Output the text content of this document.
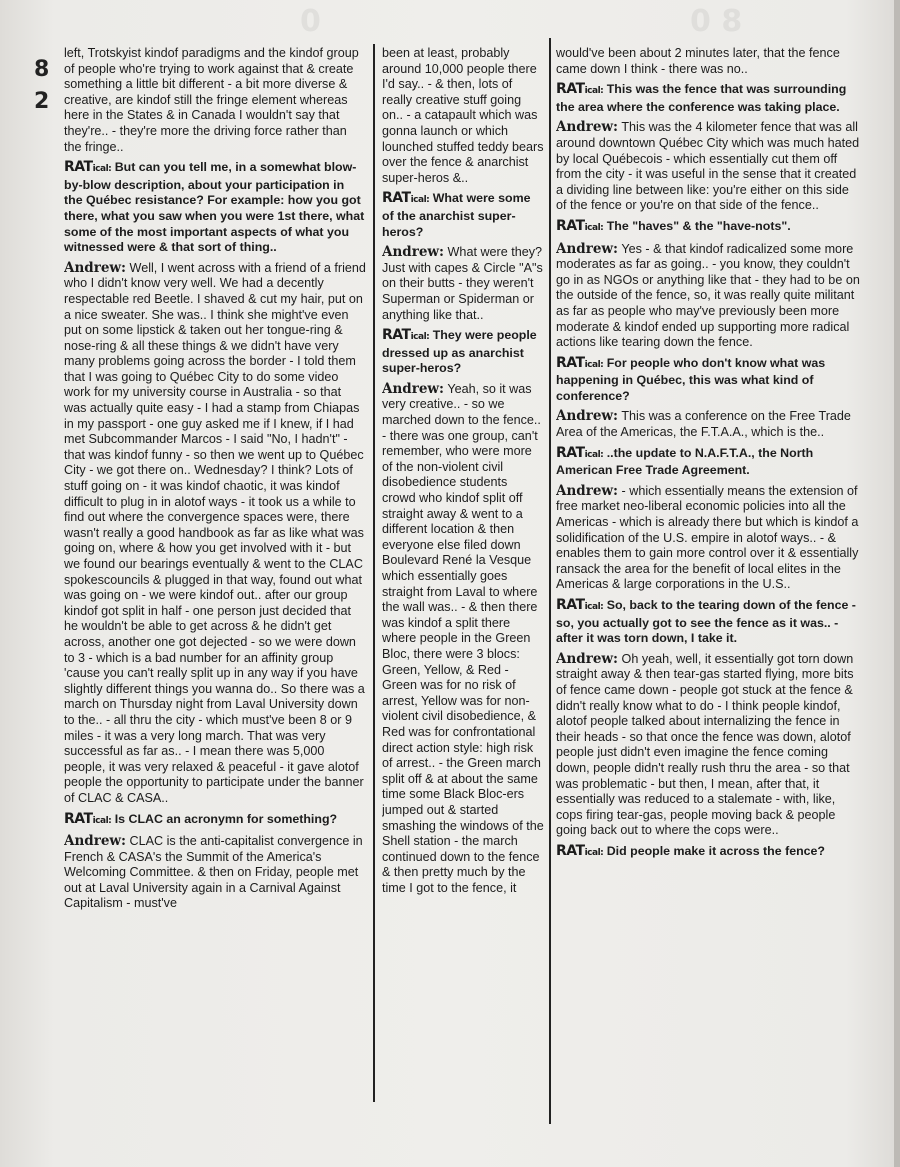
0	0 8
8
2

left, Trotskyist kindof paradigms and the kindof group of people who're trying to work against that & create something a little bit different - a bit more diverse & creative, are kindof still the fringe element whereas here in the States & in Canada I wouldn't say that they're.. - they're more the driving force rather than the fringe..

RATical: But can you tell me, in a somewhat blow-by-blow description, about your participation in the Québec resistance? For example: how you got there, what you saw when you were 1st there, what some of the most important aspects of what you witnessed were & that sort of thing..

Andrew: Well, I went across with a friend of a friend who I didn't know very well. We had a decently respectable red Beetle. I shaved & cut my hair, put on a nice sweater. She was.. I think she might've even put on some lipstick & taken out her tongue-ring & nose-ring & all these things & we didn't have very many problems going across the border - I told them that I was going to Québec City to do some video work for my university course in Australia - so that was actually quite easy - I had a stamp from Chiapas in my passport - one guy asked me if I knew, if I had met Subcommander Marcos - I said "No, I hadn't" - that was kindof funny - so then we went up to Québec City - we got there on.. Wednesday? I think? Lots of stuff going on - it was kindof chaotic, it was kindof difficult to plug in in alotof ways - it took us a while to find out where the convergence spaces were, there wasn't really a good handbook as far as like what was going on, where & how you get involved with it - but we found our bearings eventually & went to the CLAC spokescouncils & plugged in that way, found out what was going on - we were kindof out.. after our group kindof got split in half - one person just decided that he wouldn't be able to get across & he didn't get across, another one got dejected - so we were down to 3 - which is a bad number for an affinity group 'cause you can't really split up in any way if you have slightly different things you wanna do.. So there was a march on Thursday night from Laval University down to the.. - all thru the city - which must've been 8 or 9 miles - it was a very long march. That was very successful as far as.. - I mean there was 5,000 people, it was very relaxed & peaceful - it gave alotof people the opportunity to participate under the banner of CLAC & CASA..

RATical: Is CLAC an acronymn for something?

Andrew: CLAC is the anti-capitalist convergence in French & CASA's the Summit of the America's Welcoming Committee. & then on Friday, people met out at Laval University again in a Carnival Against Capitalism - must've

been at least, probably around 10,000 people there I'd say.. - & then, lots of really creative stuff going on.. - a catapault which was gonna launch or which lounched stuffed teddy bears over the fence & anarchist super-heros &..

RATical: What were some of the anarchist super-heros?

Andrew: What were they? Just with capes & Circle "A"s on their butts - they weren't Superman or Spiderman or anything like that..

RATical: They were people dressed up as anarchist super-heros?

Andrew: Yeah, so it was very creative.. - so we marched down to the fence.. - there was one group, can't remember, who were more of the non-violent civil disobedience students crowd who kindof split off straight away & went to a different location & then everyone else filed down Boulevard René la Vesque which essentially goes straight from Laval to where the wall was.. - & then there was kindof a split there where people in the Green Bloc, there were 3 blocs: Green, Yellow, & Red - Green was for no risk of arrest, Yellow was for non-violent civil disobedience, & Red was for confrontational direct action style: high risk of arrest.. - the Green march split off & at about the same time some Black Bloc-ers jumped out & started smashing the windows of the Shell station - the march continued down to the fence & then pretty much by the time I got to the fence, it

would've been about 2 minutes later, that the fence came down I think - there was no..

RATical: This was the fence that was surrounding the area where the conference was taking place.

Andrew: This was the 4 kilometer fence that was all around downtown Québec City which was much hated by local Québecois - which essentially cut them off from the city - it was useful in the sense that it created a dividing line between like: you're either on this side of the fence or you're on that side of the fence..

RATical: The "haves" & the "have-nots".

Andrew: Yes - & that kindof radicalized some more moderates as far as going.. - you know, they couldn't go in as NGOs or anything like that - they had to be on the outside of the fence, so, it was really quite militant as far as people who may've previously been more moderate & kindof ended up supporting more radical actions like tearing down the fence.

RATical: For people who don't know what was happening in Québec, this was what kind of conference?

Andrew: This was a conference on the Free Trade Area of the Americas, the F.T.A.A., which is the..

RATical: ..the update to N.A.F.T.A., the North American Free Trade Agreement.

Andrew: - which essentially means the extension of free market neo-liberal economic policies into all the Americas - which is already there but which is kindof a solidification of the U.S. empire in alotof ways.. - & enables them to gain more control over it & essentially ransack the area for the benefit of local elites in the Americas & large corporations in the U.S..

RATical: So, back to the tearing down of the fence - so, you actually got to see the fence as it was.. - after it was torn down, I take it.

Andrew: Oh yeah, well, it essentially got torn down straight away & then tear-gas started flying, more bits of fence came down - people got stuck at the fence & didn't really know what to do - I think people kindof, alotof people talked about internalizing the fence in their heads - so that once the fence was down, alotof people just didn't even imagine the fence coming down, people didn't really rush thru the area - so that was problematic - but then, I mean, after that, it essentially was reduced to a stalemate - with, like, cops firing tear-gas, people moving back & people going back out to where the cops were..

RATical: Did people make it across the fence?
